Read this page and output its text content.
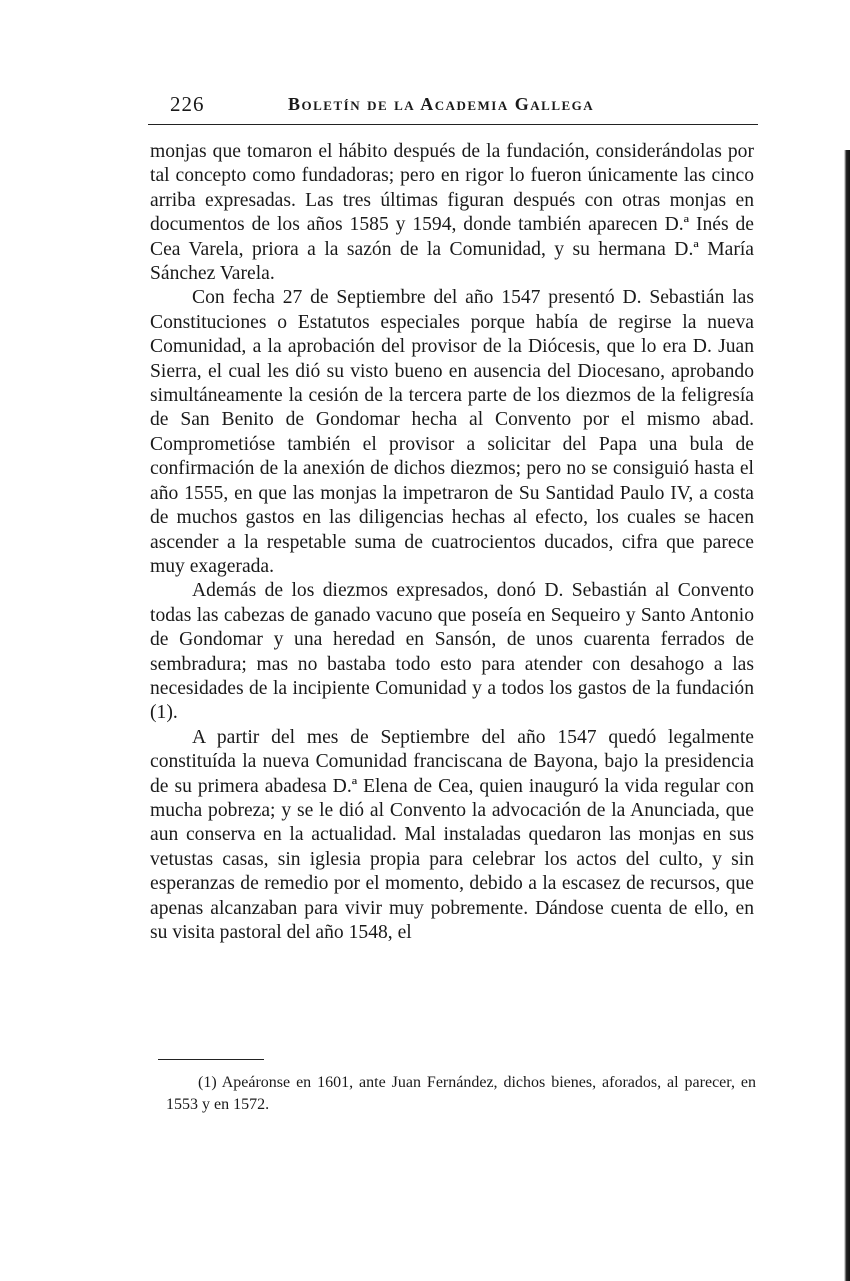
226	Boletín de la Academia Gallega

monjas que tomaron el hábito después de la fundación, considerándolas por tal concepto como fundadoras; pero en rigor lo fueron únicamente las cinco arriba expresadas. Las tres últimas figuran después con otras monjas en documentos de los años 1585 y 1594, donde también aparecen D.ª Inés de Cea Varela, priora a la sazón de la Comunidad, y su hermana D.ª María Sánchez Varela.

Con fecha 27 de Septiembre del año 1547 presentó D. Sebastián las Constituciones o Estatutos especiales porque había de regirse la nueva Comunidad, a la aprobación del provisor de la Diócesis, que lo era D. Juan Sierra, el cual les dió su visto bueno en ausencia del Diocesano, aprobando simultáneamente la cesión de la tercera parte de los diezmos de la feligresía de San Benito de Gondomar hecha al Convento por el mismo abad. Comprometióse también el provisor a solicitar del Papa una bula de confirmación de la anexión de dichos diezmos; pero no se consiguió hasta el año 1555, en que las monjas la impetraron de Su Santidad Paulo IV, a costa de muchos gastos en las diligencias hechas al efecto, los cuales se hacen ascender a la respetable suma de cuatrocientos ducados, cifra que parece muy exagerada.

Además de los diezmos expresados, donó D. Sebastián al Convento todas las cabezas de ganado vacuno que poseía en Sequeiro y Santo Antonio de Gondomar y una heredad en Sansón, de unos cuarenta ferrados de sembradura; mas no bastaba todo esto para atender con desahogo a las necesidades de la incipiente Comunidad y a todos los gastos de la fundación (1).

A partir del mes de Septiembre del año 1547 quedó legalmente constituída la nueva Comunidad franciscana de Bayona, bajo la presidencia de su primera abadesa D.ª Elena de Cea, quien inauguró la vida regular con mucha pobreza; y se le dió al Convento la advocación de la Anunciada, que aun conserva en la actualidad. Mal instaladas quedaron las monjas en sus vetustas casas, sin iglesia propia para celebrar los actos del culto, y sin esperanzas de remedio por el momento, debido a la escasez de recursos, que apenas alcanzaban para vivir muy pobremente. Dándose cuenta de ello, en su visita pastoral del año 1548, el

(1) Apeáronse en 1601, ante Juan Fernández, dichos bienes, aforados, al parecer, en 1553 y en 1572.
